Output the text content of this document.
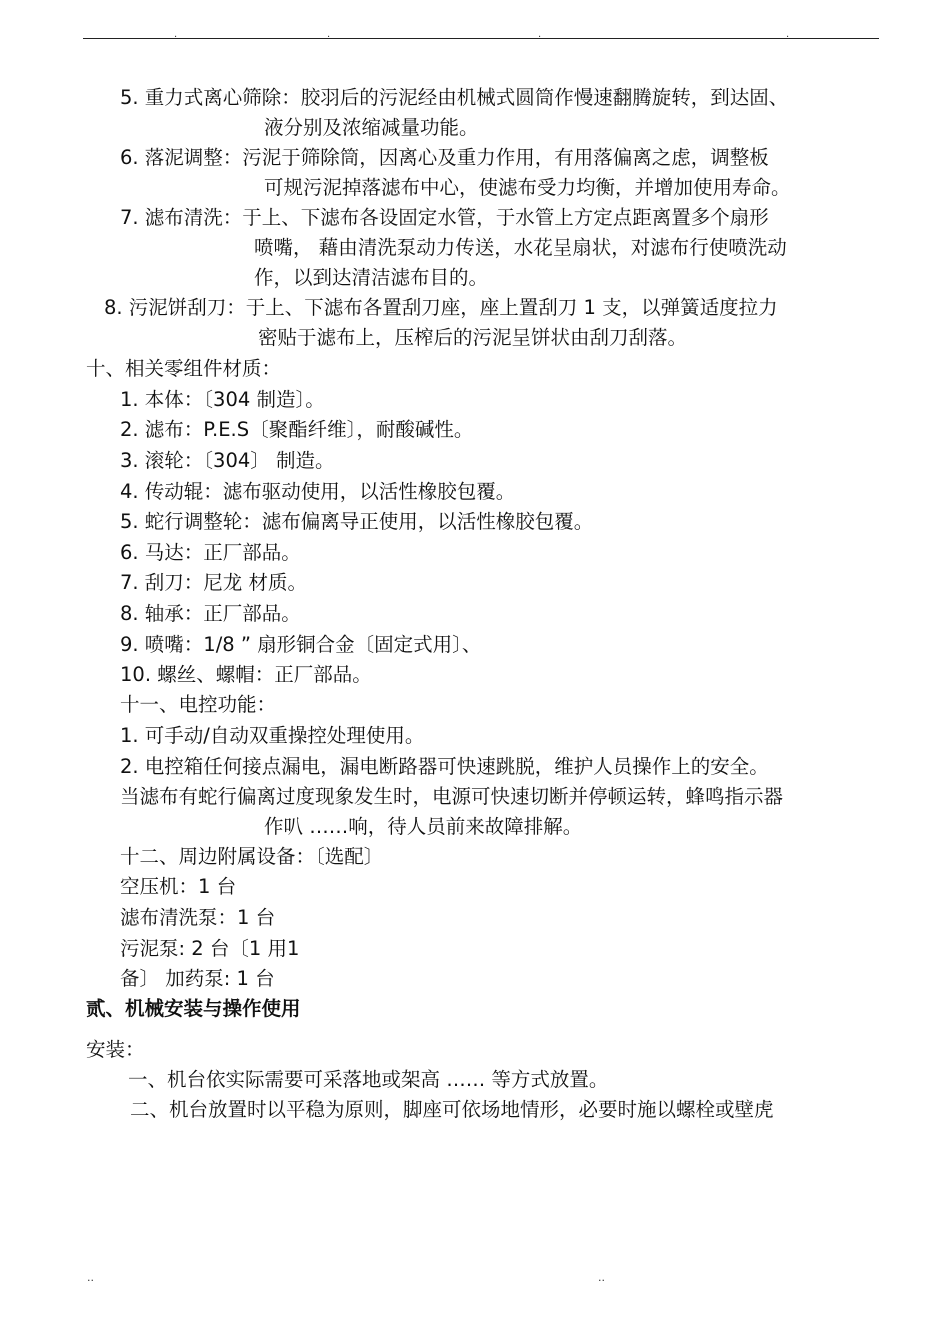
.	.	.	.
5. 重力式离心筛除：胶羽后的污泥经由机械式圆筒作慢速翻腾旋转，到达固、
液分别及浓缩减量功能。
6. 落泥调整：污泥于筛除筒，因离心及重力作用，有用落偏离之虑，调整板
可规污泥掉落滤布中心，使滤布受力均衡，并增加使用寿命。
7. 滤布清洗：于上、下滤布各设固定水管，于水管上方定点距离置多个扇形
喷嘴， 藉由清洗泵动力传送，水花呈扇状，对滤布行使喷洗动
作，以到达清洁滤布目的。
8. 污泥饼刮刀：于上、下滤布各置刮刀座，座上置刮刀 1 支，以弹簧适度拉力
密贴于滤布上，压榨后的污泥呈饼状由刮刀刮落。
十、相关零组件材质：
1. 本体：〔304 制造〕。
2. 滤布：P.E.S〔聚酯纤维〕，耐酸碱性。
3. 滚轮：〔304〕 制造。
4. 传动辊：滤布驱动使用，以活性橡胶包覆。
5. 蛇行调整轮：滤布偏离导正使用，以活性橡胶包覆。
6. 马达：正厂部品。
7. 刮刀：尼龙 材质。
8. 轴承：正厂部品。
9. 喷嘴：1/8 ” 扇形铜合金〔固定式用〕、
10. 螺丝、螺帽：正厂部品。
十一、电控功能：
1. 可手动/自动双重操控处理使用。
2. 电控箱任何接点漏电，漏电断路器可快速跳脱，维护人员操作上的安全。
当滤布有蛇行偏离过度现象发生时，电源可快速切断并停顿运转，蜂鸣指示器
作叭 ……响，待人员前来故障排解。
十二、周边附属设备：〔选配〕
空压机：1 台
滤布清洗泵：1 台
污泥泵: 2 台〔1 用1
备〕 加药泵: 1 台
贰、机械安装与操作使用
安装：
一、机台依实际需要可采落地或架高 …… 等方式放置。
二、机台放置时以平稳为原则，脚座可依场地情形，必要时施以螺栓或壁虎
..	..
